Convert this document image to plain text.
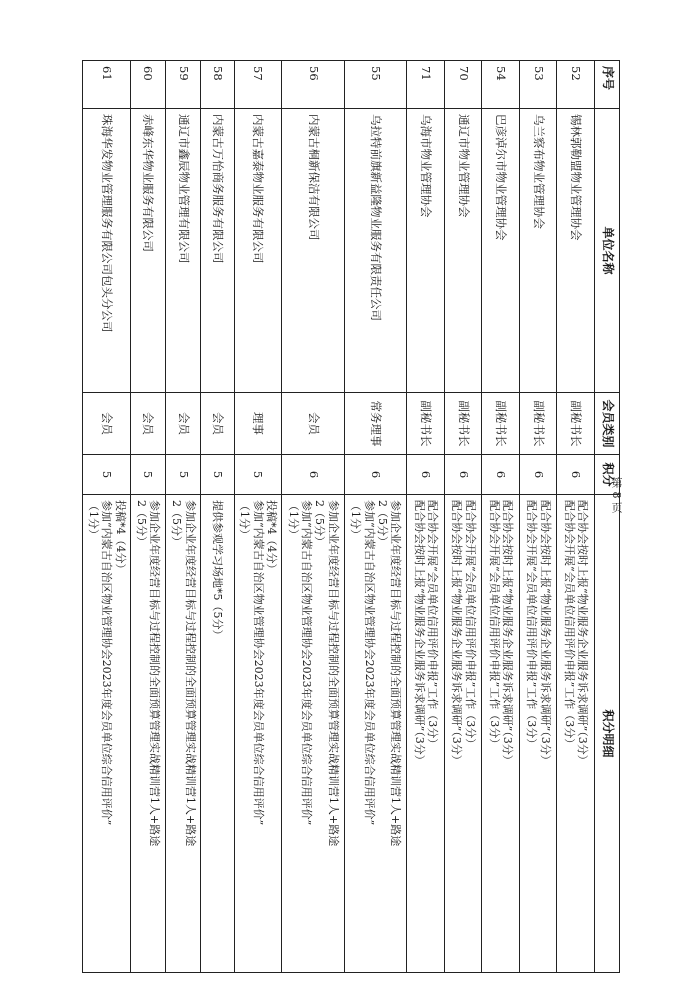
序号	单位名称	会员类别	积分	积分明细
52	锡林郭勒盟物业管理协会	副秘书长	6	配合协会按时上报“物业服务企业服务诉求调研”（3分）
配合协会开展“会员单位信用评价申报”工作（3分）

53	乌兰察布物业管理协会	副秘书长	6	配合协会按时上报“物业服务企业服务诉求调研”（3分）
配合协会开展“会员单位信用评价申报”工作（3分）

54	巴彦淖尔市物业管理协会	副秘书长	6	配合协会按时上报“物业服务企业服务诉求调研”（3分）
配合协会开展“会员单位信用评价申报”工作（3分）

70	通辽市物业管理协会	副秘书长	6	配合协会开展“会员单位信用评价申报”工作（3分）
配合协会按时上报“物业服务企业服务诉求调研”（3分）

71	乌海市物业管理协会	副秘书长	6	配合协会开展“会员单位信用评价申报”工作（3分）
配合协会按时上报“物业服务企业服务诉求调研”（3分）

55	乌拉特前旗新益隆物业服务有限责任公司	常务理事	6	参加企业年度经营目标与过程控制的全面预算管理实战精训营1人+路途
2（5分）
参加“内蒙古自治区物业管理协会2023年度会员单位综合信用评价”
（1分）

56	内蒙古桐新保洁有限公司	会员	6	参加企业年度经营目标与过程控制的全面预算管理实战精训营1人+路途
2（5分）
参加“内蒙古自治区物业管理协会2023年度会员单位综合信用评价”
（1分）

57	内蒙古嘉泰物业服务有限公司	理事	5	投稿*4（4分）
参加“内蒙古自治区物业管理协会2023年度会员单位综合信用评价”
（1分）

58	内蒙古万怡商务服务有限公司	会员	5	提供参观学习场地*5（5分）

59	通辽市鑫辰物业管理有限公司	会员	5	参加企业年度经营目标与过程控制的全面预算管理实战精训营1人+路途
2（5分）

60	赤峰东华物业服务有限公司	会员	5	参加企业年度经营目标与过程控制的全面预算管理实战精训营1人+路途
2（5分）

61	珠海华发物业管理服务有限公司包头分公司	会员	5	投稿*4（4分）
参加“内蒙古自治区物业管理协会2023年度会员单位综合信用评价”
（1分）
第 8 页
